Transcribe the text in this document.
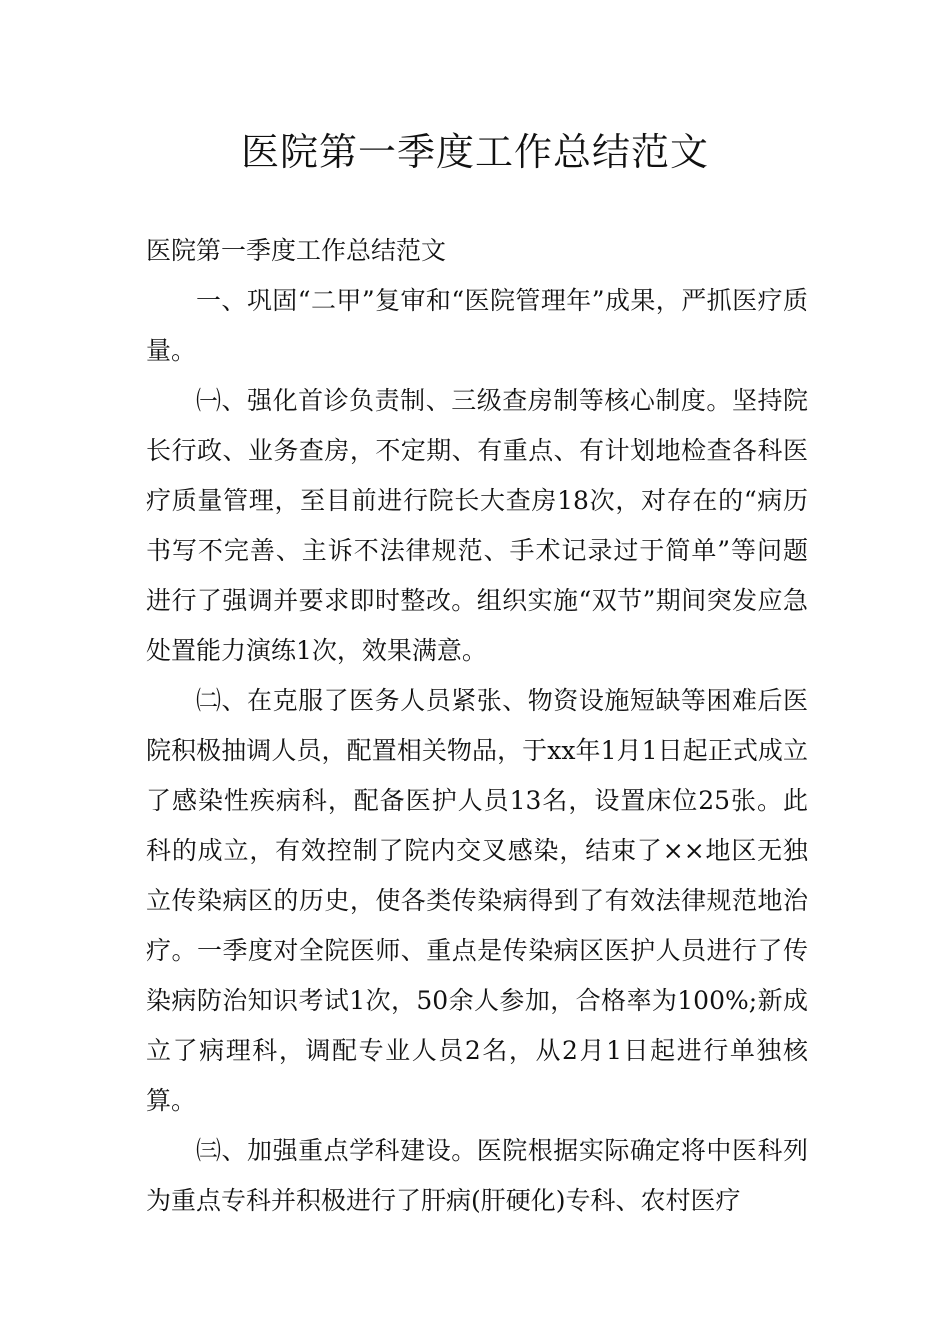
医院第一季度工作总结范文

医院第一季度工作总结范文

一、巩固“二甲”复审和“医院管理年”成果，严抓医疗质量。

㈠、强化首诊负责制、三级查房制等核心制度。坚持院长行政、业务查房，不定期、有重点、有计划地检查各科医疗质量管理，至目前进行院长大查房18次，对存在的“病历书写不完善、主诉不法律规范、手术记录过于简单”等问题进行了强调并要求即时整改。组织实施“双节”期间突发应急处置能力演练1次，效果满意。

㈡、在克服了医务人员紧张、物资设施短缺等困难后医院积极抽调人员，配置相关物品，于xx年1月1日起正式成立了感染性疾病科，配备医护人员13名，设置床位25张。此科的成立，有效控制了院内交叉感染，结束了××地区无独立传染病区的历史，使各类传染病得到了有效法律规范地治疗。一季度对全院医师、重点是传染病区医护人员进行了传染病防治知识考试1次，50余人参加，合格率为100%;新成立了病理科，调配专业人员2名，从2月1日起进行单独核算。

㈢、加强重点学科建设。医院根据实际确定将中医科列为重点专科并积极进行了肝病(肝硬化)专科、农村医疗
